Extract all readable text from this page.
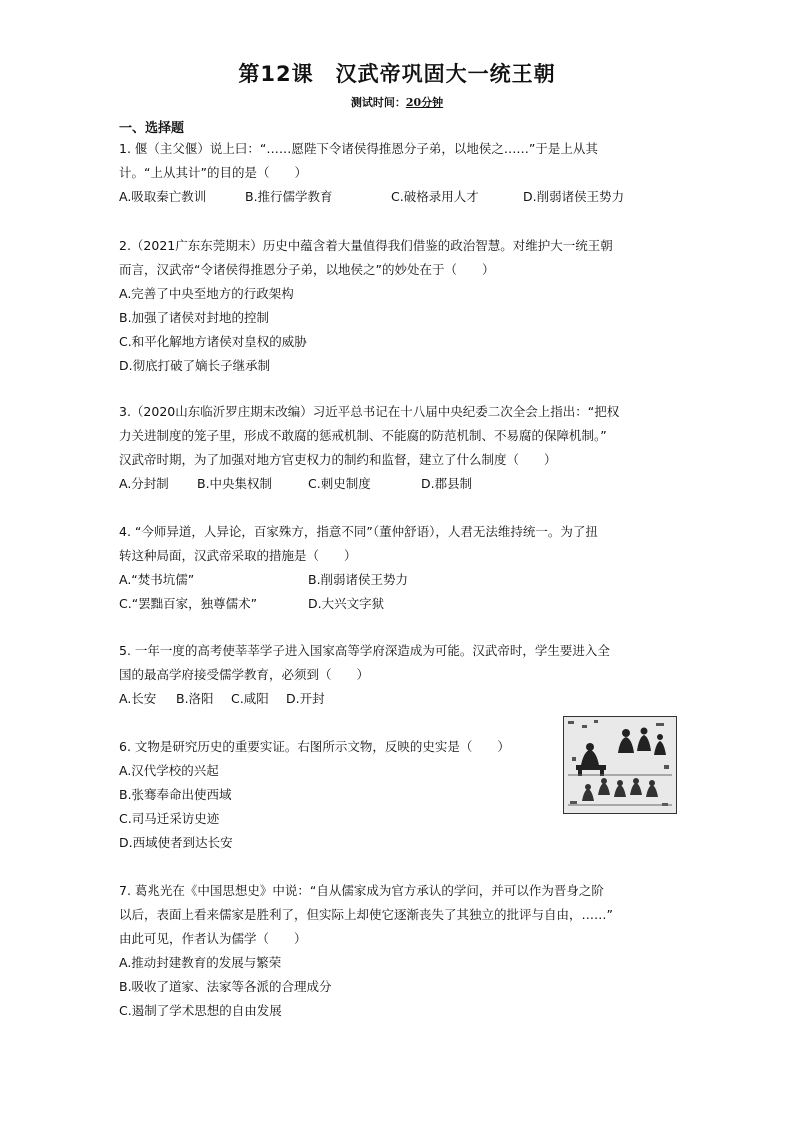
第12课　汉武帝巩固大一统王朝
测试时间：20分钟
一、选择题
1. 偃（主父偃）说上曰：“……愿陛下令诸侯得推恩分子弟，以地侯之……”于是上从其
计。“上从其计”的目的是（　　）
A.吸取秦亡教训	B.推行儒学教育	C.破格录用人才	D.削弱诸侯王势力
2.（2021广东东莞期末）历史中蕴含着大量值得我们借鉴的政治智慧。对维护大一统王朝
而言，汉武帝“令诸侯得推恩分子弟，以地侯之”的妙处在于（　　）
A.完善了中央至地方的行政架构
B.加强了诸侯对封地的控制
C.和平化解地方诸侯对皇权的威胁
D.彻底打破了嫡长子继承制
3.（2020山东临沂罗庄期末改编）习近平总书记在十八届中央纪委二次全会上指出：“把权
力关进制度的笼子里，形成不敢腐的惩戒机制、不能腐的防范机制、不易腐的保障机制。”
汉武帝时期，为了加强对地方官吏权力的制约和监督，建立了什么制度（　　）
A.分封制 B.中央集权制	C.刺史制度	D.郡县制
4. “今师异道，人异论，百家殊方，指意不同”（董仲舒语），人君无法维持统一。为了扭
转这种局面，汉武帝采取的措施是（　　）
A.“焚书坑儒”	B.削弱诸侯王势力
C.“罢黜百家，独尊儒术”	D.大兴文字狱
5. 一年一度的高考使莘莘学子进入国家高等学府深造成为可能。汉武帝时，学生要进入全
国的最高学府接受儒学教育，必须到（　　）
A.长安 B.洛阳 C.咸阳 D.开封
6. 文物是研究历史的重要实证。右图所示文物，反映的史实是（　　）
A.汉代学校的兴起
B.张骞奉命出使西域
C.司马迁采访史迹
D.西域使者到达长安
7. 葛兆光在《中国思想史》中说：“自从儒家成为官方承认的学问，并可以作为晋身之阶
以后，表面上看来儒家是胜利了，但实际上却使它逐渐丧失了其独立的批评与自由，……”
由此可见，作者认为儒学（　　）
A.推动封建教育的发展与繁荣
B.吸收了道家、法家等各派的合理成分
C.遏制了学术思想的自由发展
